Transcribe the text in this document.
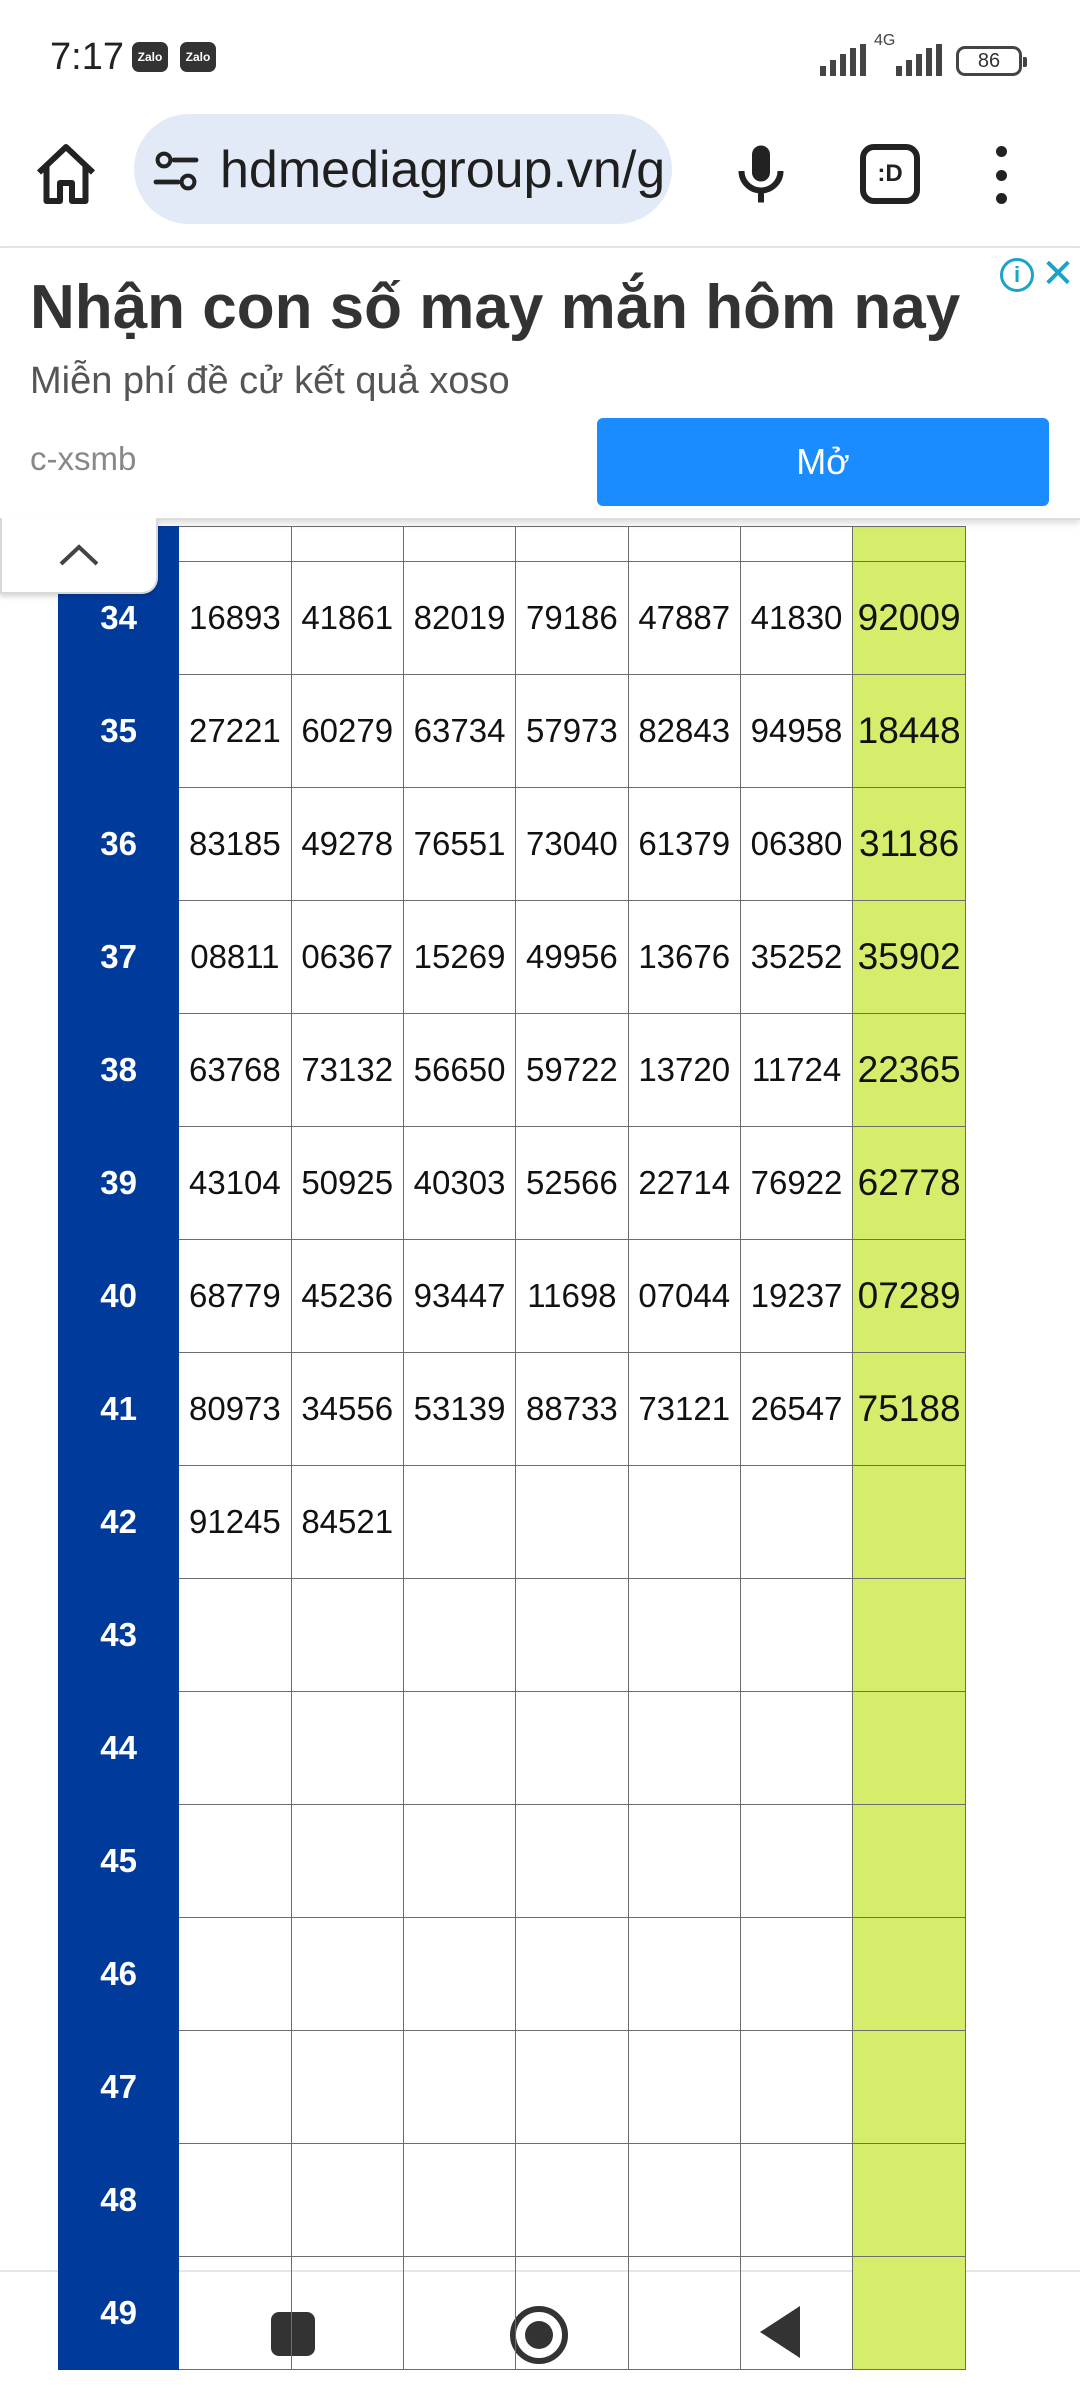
7:17	Zalo	Zalo
4G
86
hdmediagroup.vn/g	:D
Nhận con số may mắn hôm nay
Miễn phí đề cử kết quả xoso
c-xsmb	Mở
i ✕

34	16893	41861	82019	79186	47887	41830	92009
35	27221	60279	63734	57973	82843	94958	18448
36	83185	49278	76551	73040	61379	06380	31186
37	08811	06367	15269	49956	13676	35252	35902
38	63768	73132	56650	59722	13720	11724	22365
39	43104	50925	40303	52566	22714	76922	62778
40	68779	45236	93447	11698	07044	19237	07289
41	80973	34556	53139	88733	73121	26547	75188
42	91245	84521					
43							
44							
45							
46							
47							
48							
49							
